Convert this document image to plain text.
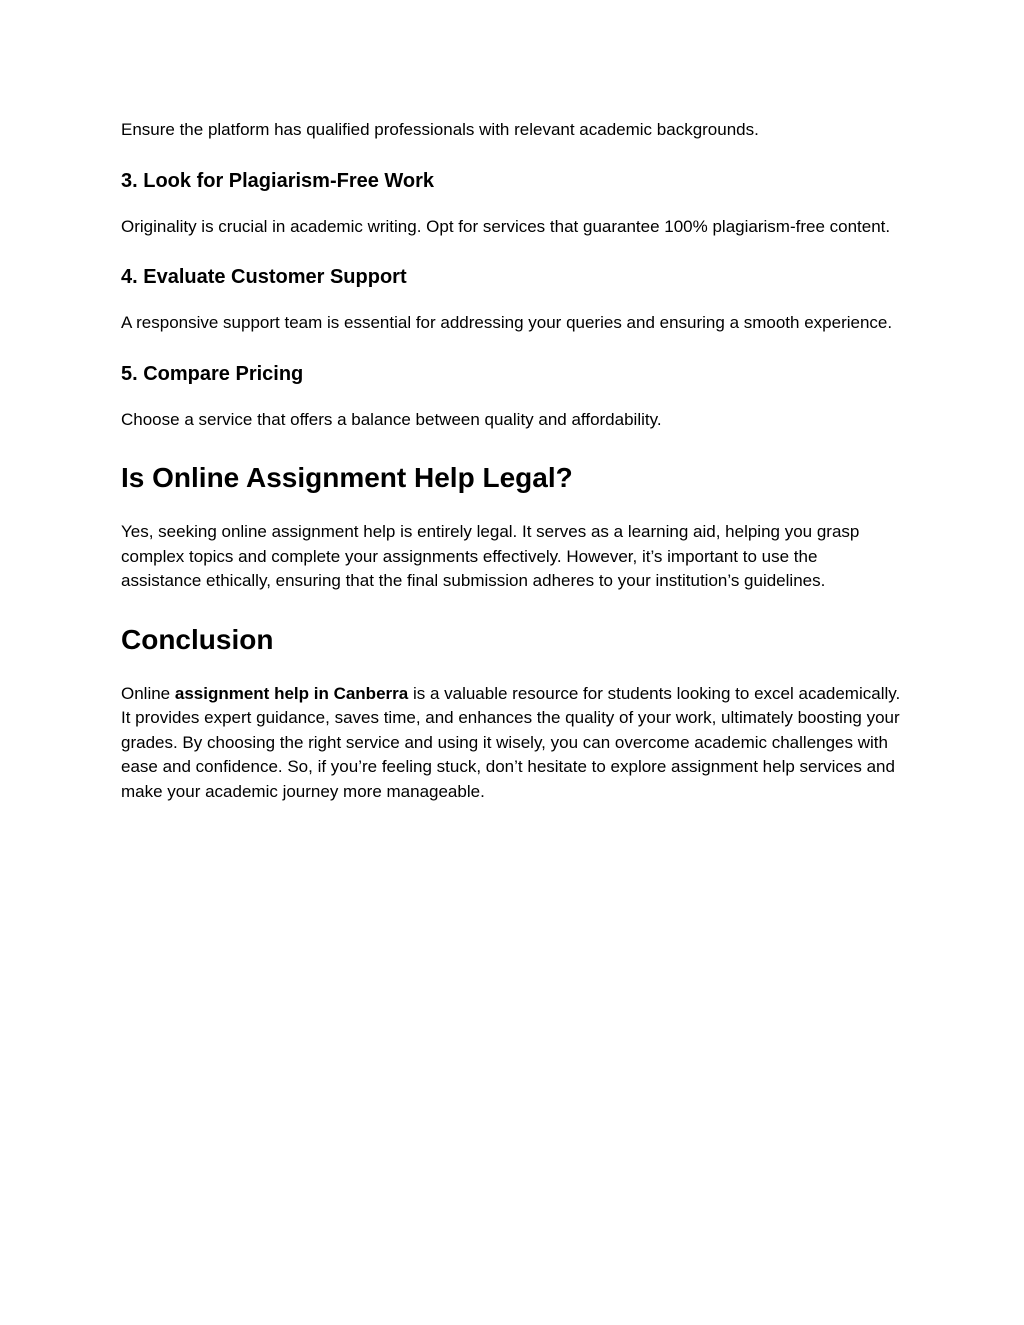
Ensure the platform has qualified professionals with relevant academic backgrounds.

3. Look for Plagiarism-Free Work

Originality is crucial in academic writing. Opt for services that guarantee 100% plagiarism-free content.

4. Evaluate Customer Support

A responsive support team is essential for addressing your queries and ensuring a smooth experience.

5. Compare Pricing

Choose a service that offers a balance between quality and affordability.

Is Online Assignment Help Legal?

Yes, seeking online assignment help is entirely legal. It serves as a learning aid, helping you grasp complex topics and complete your assignments effectively. However, it’s important to use the assistance ethically, ensuring that the final submission adheres to your institution’s guidelines.

Conclusion

Online assignment help in Canberra is a valuable resource for students looking to excel academically. It provides expert guidance, saves time, and enhances the quality of your work, ultimately boosting your grades. By choosing the right service and using it wisely, you can overcome academic challenges with ease and confidence. So, if you’re feeling stuck, don’t hesitate to explore assignment help services and make your academic journey more manageable.
